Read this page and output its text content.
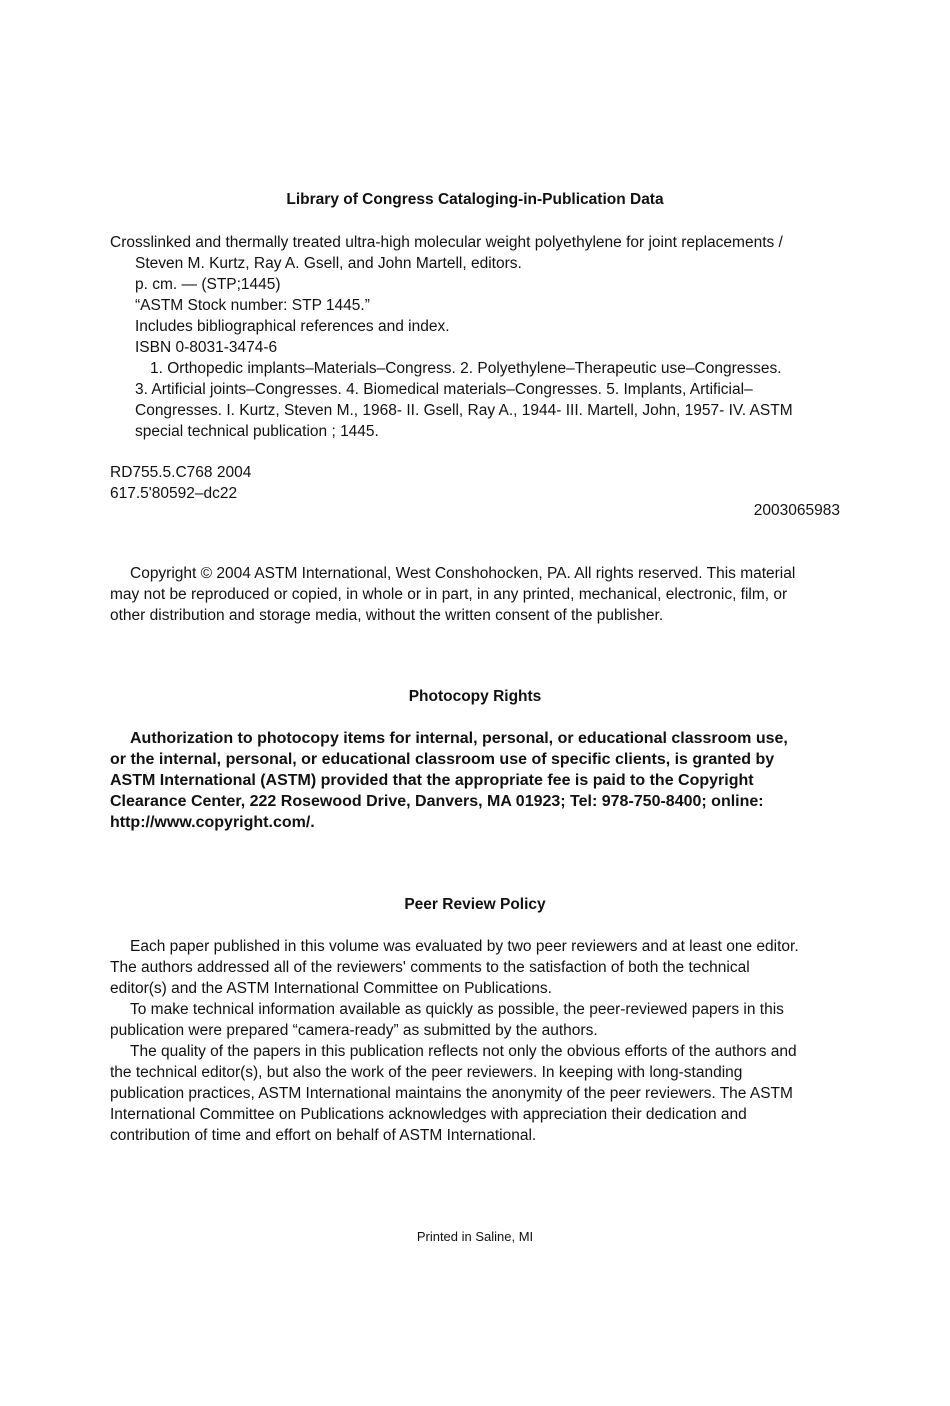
Library of Congress Cataloging-in-Publication Data
Crosslinked and thermally treated ultra-high molecular weight polyethylene for joint replacements /
Steven M. Kurtz, Ray A. Gsell, and John Martell, editors.
p. cm. — (STP;1445)
“ASTM Stock number: STP 1445.”
Includes bibliographical references and index.
ISBN 0-8031-3474-6
1. Orthopedic implants–Materials–Congress. 2. Polyethylene–Therapeutic use–Congresses.
3. Artificial joints–Congresses. 4. Biomedical materials–Congresses. 5. Implants, Artificial–
Congresses. I. Kurtz, Steven M., 1968- II. Gsell, Ray A., 1944- III. Martell, John, 1957- IV. ASTM
special technical publication ; 1445.
RD755.5.C768 2004
617.5'80592–dc22
2003065983
Copyright © 2004 ASTM International, West Conshohocken, PA. All rights reserved. This material
may not be reproduced or copied, in whole or in part, in any printed, mechanical, electronic, film, or
other distribution and storage media, without the written consent of the publisher.
Photocopy Rights
Authorization to photocopy items for internal, personal, or educational classroom use,
or the internal, personal, or educational classroom use of specific clients, is granted by
ASTM International (ASTM) provided that the appropriate fee is paid to the Copyright
Clearance Center, 222 Rosewood Drive, Danvers, MA 01923; Tel: 978-750-8400; online:
http://www.copyright.com/.
Peer Review Policy
Each paper published in this volume was evaluated by two peer reviewers and at least one editor.
The authors addressed all of the reviewers' comments to the satisfaction of both the technical
editor(s) and the ASTM International Committee on Publications.
To make technical information available as quickly as possible, the peer-reviewed papers in this
publication were prepared “camera-ready” as submitted by the authors.
The quality of the papers in this publication reflects not only the obvious efforts of the authors and
the technical editor(s), but also the work of the peer reviewers. In keeping with long-standing
publication practices, ASTM International maintains the anonymity of the peer reviewers. The ASTM
International Committee on Publications acknowledges with appreciation their dedication and
contribution of time and effort on behalf of ASTM International.
Printed in Saline, MI
